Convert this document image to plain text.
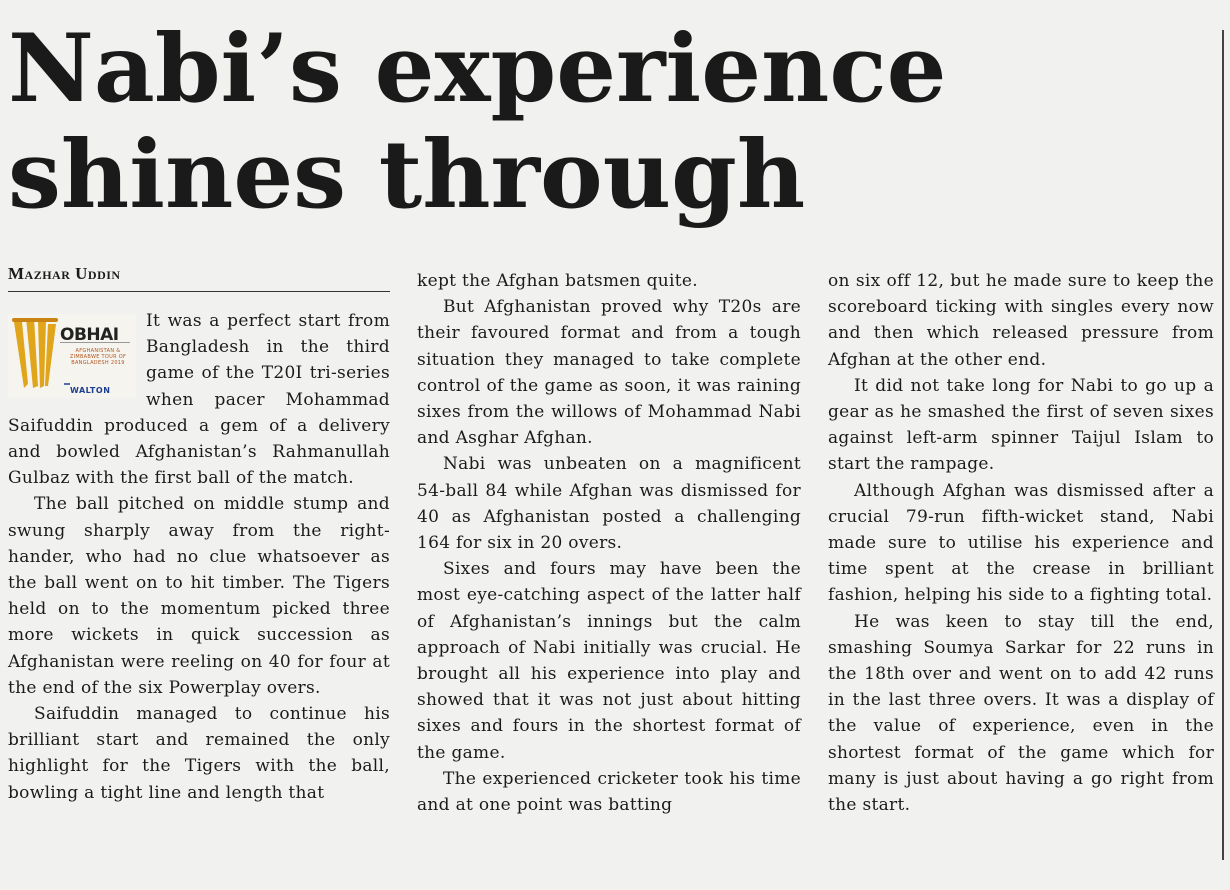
Nabi’s experience shines through
Mazhar Uddin
OBHAI
AFGHANISTAN & ZIMBABWE TOUR OF BANGLADESH 2019
WALTON

It was a perfect start from Bangladesh in the third game of the T20I tri-series when pacer Mohammad Saifuddin produced a gem of a delivery and bowled Afghanistan’s Rahmanullah Gulbaz with the first ball of the match.

The ball pitched on middle stump and swung sharply away from the right-hander, who had no clue whatsoever as the ball went on to hit timber. The Tigers held on to the momentum picked three more wickets in quick succession as Afghanistan were reeling on 40 for four at the end of the six Powerplay overs.

Saifuddin managed to continue his brilliant start and remained the only highlight for the Tigers with the ball, bowling a tight line and length that

kept the Afghan batsmen quite.

But Afghanistan proved why T20s are their favoured format and from a tough situation they managed to take complete control of the game as soon, it was raining sixes from the willows of Mohammad Nabi and Asghar Afghan.

Nabi was unbeaten on a magnificent 54-ball 84 while Afghan was dismissed for 40 as Afghanistan posted a challenging 164 for six in 20 overs.

Sixes and fours may have been the most eye-catching aspect of the latter half of Afghanistan’s innings but the calm approach of Nabi initially was crucial. He brought all his experience into play and showed that it was not just about hitting sixes and fours in the shortest format of the game.

The experienced cricketer took his time and at one point was batting

on six off 12, but he made sure to keep the scoreboard ticking with singles every now and then which released pressure from Afghan at the other end.

It did not take long for Nabi to go up a gear as he smashed the first of seven sixes against left-arm spinner Taijul Islam to start the rampage.

Although Afghan was dismissed after a crucial 79-run fifth-wicket stand, Nabi made sure to utilise his experience and time spent at the crease in brilliant fashion, helping his side to a fighting total.

He was keen to stay till the end, smashing Soumya Sarkar for 22 runs in the 18th over and went on to add 42 runs in the last three overs. It was a display of the value of experience, even in the shortest format of the game which for many is just about having a go right from the start.
